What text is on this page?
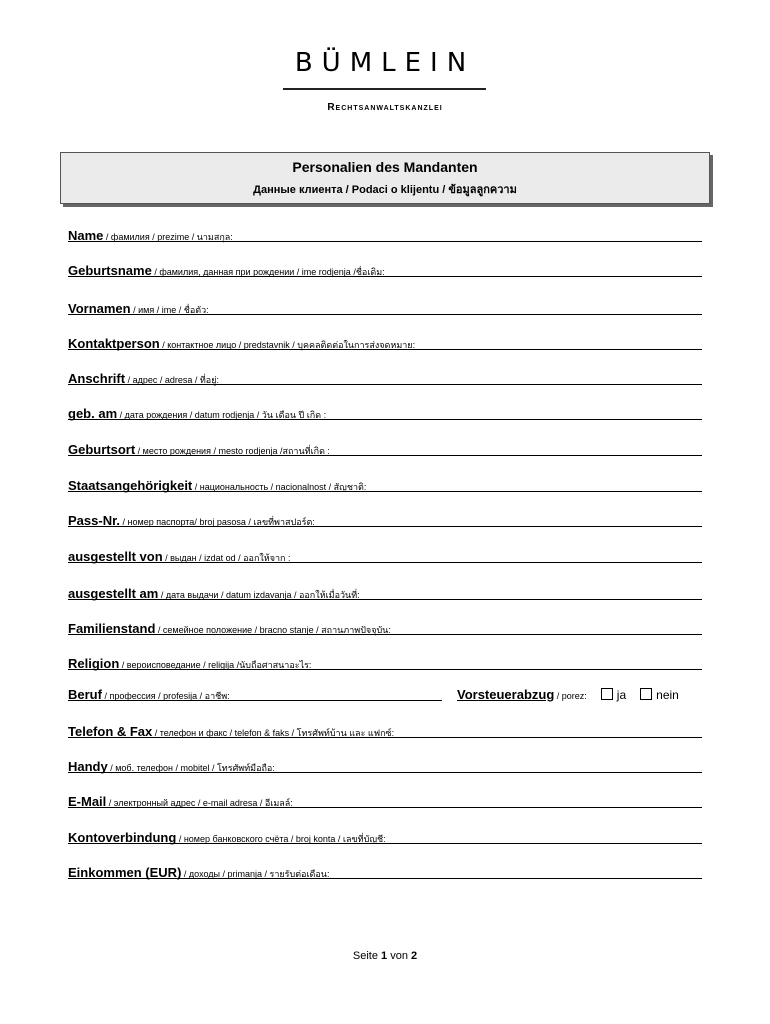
BÜMLEIN
Rechtsanwaltskanzlei
Personalien des Mandanten
Данные клиента / Podaci o klijentu / ข้อมูลลูกความ
Name / фамилия / prezime / นามสกุล:
Geburtsname / фамилия, данная при рождении / ime rodjenja /ชื่อเดิม:
Vornamen / имя / ime / ชื่อตัว:
Kontaktperson / контактное лицо / predstavnik / บุคคลติดต่อในการส่งจดหมาย:
Anschrift / адрес / adresa / ที่อยู่:
geb. am / дата рождения / datum rodjenja / วัน เดือน ปี เกิด :
Geburtsort / место рождения / mesto rodjenja /สถานที่เกิด :
Staatsangehörigkeit / национальность / nacionalnost / สัญชาติ:
Pass-Nr. / номер паспорта/ broj pasosa / เลขที่พาสปอร์ต:
ausgestellt von / выдан / izdat od / ออกให้จาก :
ausgestellt am / дата выдачи / datum izdavanja / ออกให้เมื่อวันที่:
Familienstand / семейное положение / bracno stanje / สถานภาพปัจจุบัน:
Religion / вероисповедание / religija /นับถือศาสนาอะไร:
Beruf / профессия / profesija / อาชีพ:	Vorsteuerabzug / porez:	ja	nein
Telefon & Fax / телефон и факс / telefon & faks / โทรศัพท์บ้าน และ แฟกซ์:
Handy / моб. телефон / mobitel / โทรศัพท์มือถือ:
E-Mail / электронный адрес / e-mail adresa / อีเมลล์:
Kontoverbindung / номер банковского счёта / broj konta / เลขที่บัญชี:
Einkommen (EUR) / доходы / primanja / รายรับต่อเดือน:
Seite 1 von 2
